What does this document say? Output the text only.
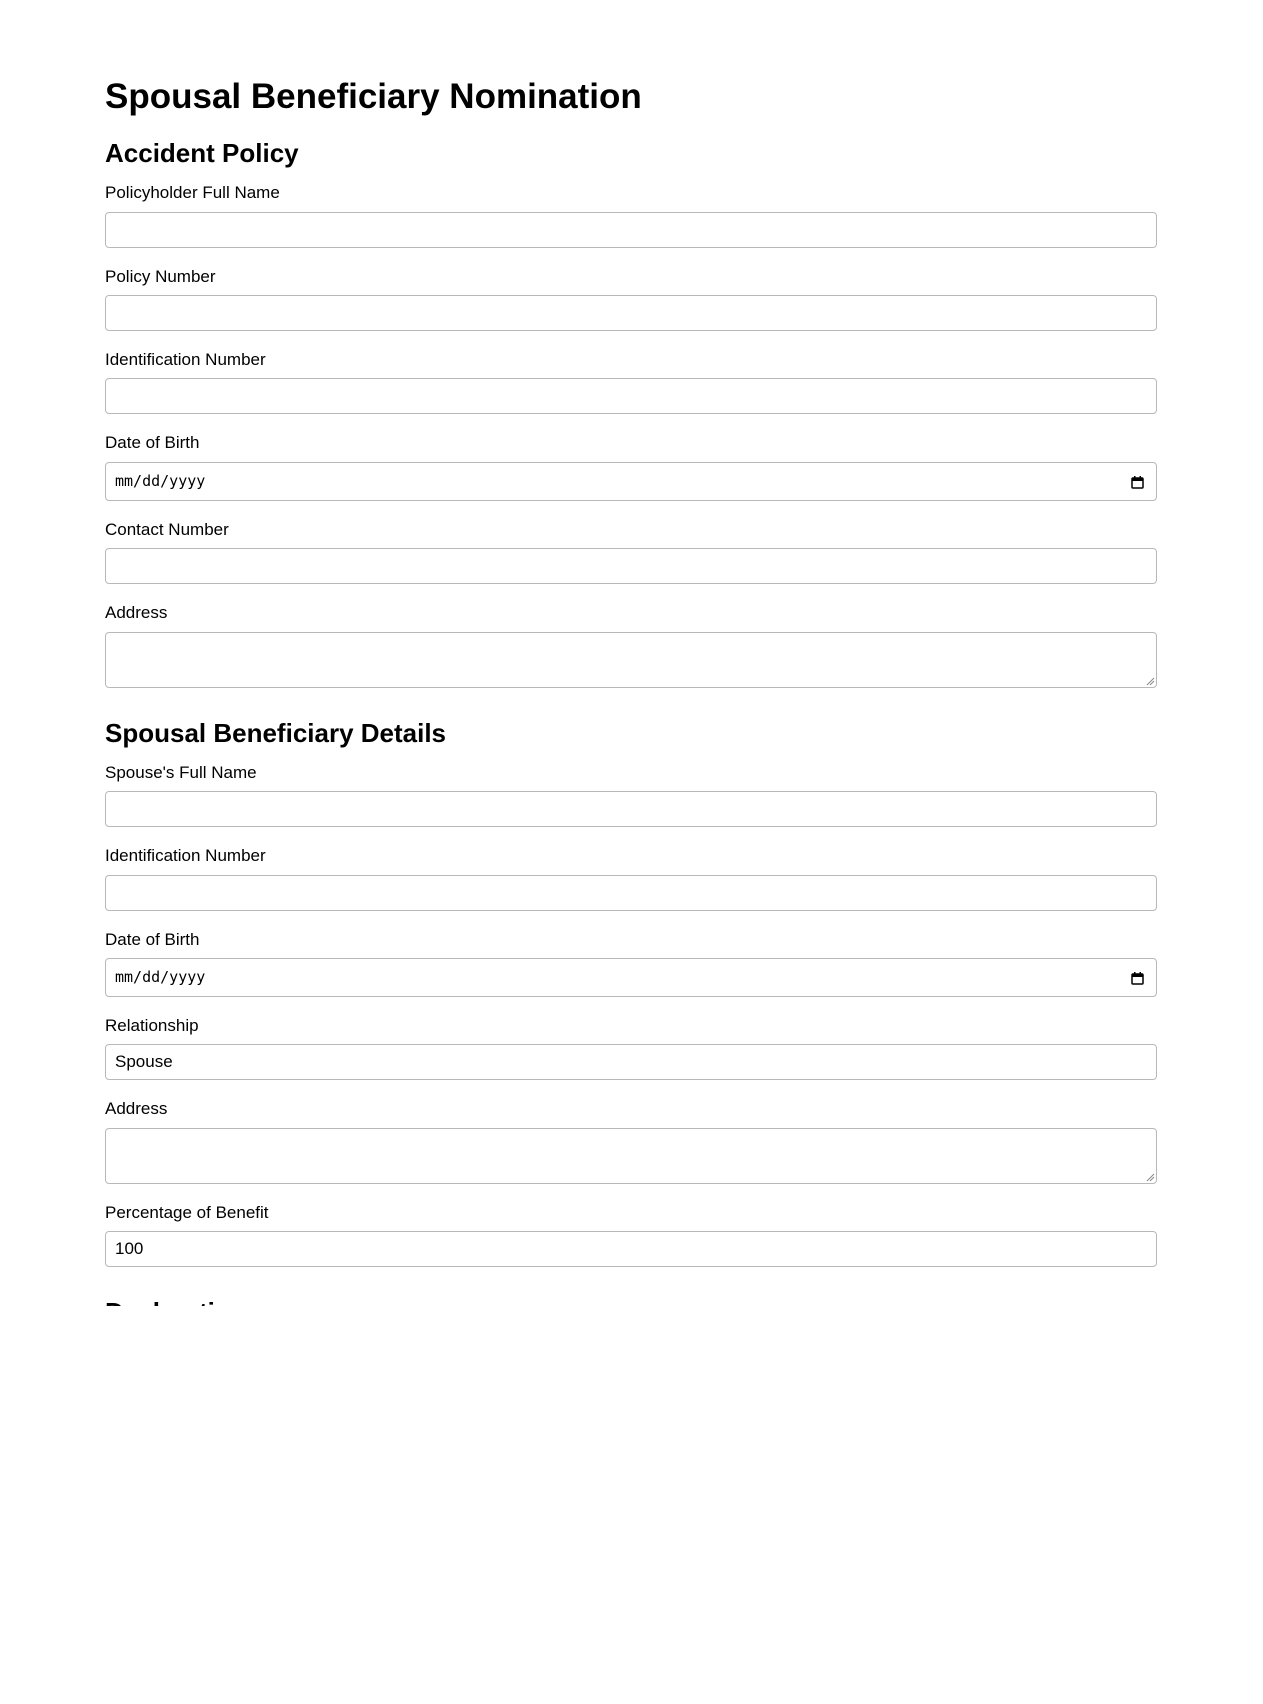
Spousal Beneficiary Nomination
Accident Policy
Policyholder Full Name
Policy Number
Identification Number
Date of Birth
mm/dd/yyyy
Contact Number
Address
Spousal Beneficiary Details
Spouse's Full Name
Identification Number
Date of Birth
mm/dd/yyyy
Relationship
Spouse
Address
Percentage of Benefit
100
